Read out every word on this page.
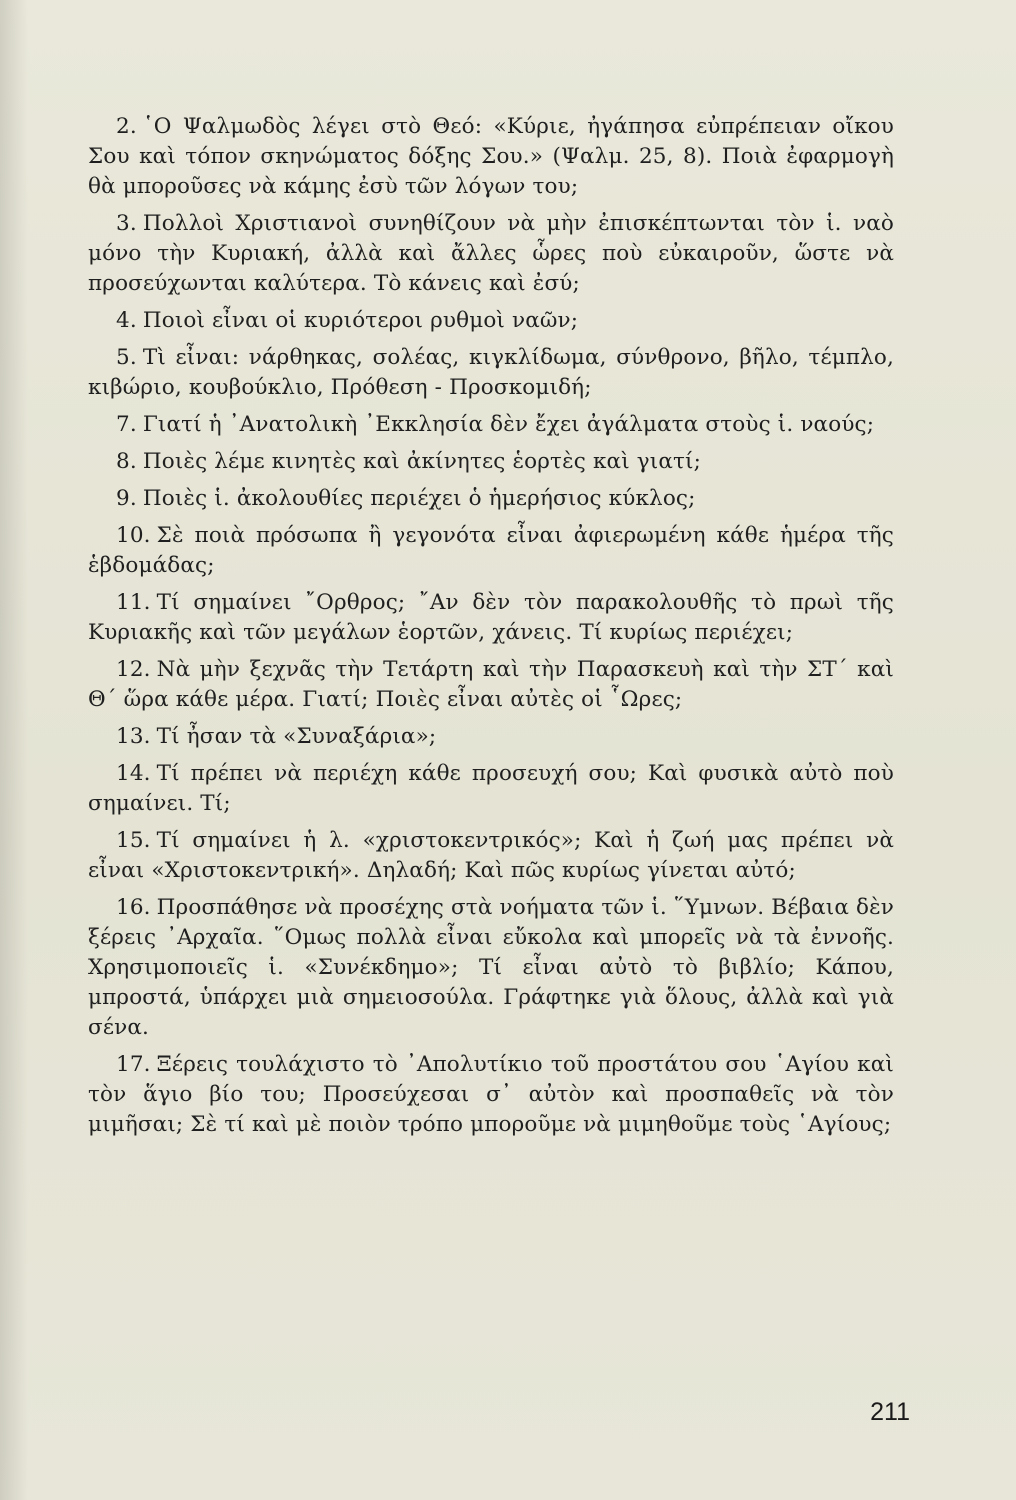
2. ῾Ο Ψαλμωδὸς λέγει στὸ Θεό: «Κύριε, ἠγάπησα εὐπρέπειαν οἴκου Σου καὶ τόπον σκηνώματος δόξης Σου.» (Ψαλμ. 25, 8). Ποιὰ ἐφαρμογὴ θὰ μποροῦσες νὰ κάμης ἐσὺ τῶν λόγων του;
3. Πολλοὶ Χριστιανοὶ συνηθίζουν νὰ μὴν ἐπισκέπτωνται τὸν ἱ. ναὸ μόνο τὴν Κυριακή, ἀλλὰ καὶ ἄλλες ὧρες ποὺ εὐκαιροῦν, ὥστε νὰ προσεύχωνται καλύτερα. Τὸ κάνεις καὶ ἐσύ;
4. Ποιοὶ εἶναι οἱ κυριότεροι ρυθμοὶ ναῶν;
5. Τὶ εἶναι: νάρθηκας, σολέας, κιγκλίδωμα, σύνθρονο, βῆλο, τέμπλο, κιβώριο, κουβούκλιο, Πρόθεση - Προσκομιδή;
7. Γιατί ἡ ᾿Ανατολικὴ ᾿Εκκλησία δὲν ἔχει ἀγάλματα στοὺς ἱ. ναούς;
8. Ποιὲς λέμε κινητὲς καὶ ἀκίνητες ἑορτὲς καὶ γιατί;
9. Ποιὲς ἱ. ἀκολουθίες περιέχει ὁ ἡμερήσιος κύκλος;
10. Σὲ ποιὰ πρόσωπα ἢ γεγονότα εἶναι ἀφιερωμένη κάθε ἡμέρα τῆς ἑβδομάδας;
11. Τί σημαίνει ῎Ορθρος; ῎Αν δὲν τὸν παρακολουθῆς τὸ πρωὶ τῆς Κυριακῆς καὶ τῶν μεγάλων ἑορτῶν, χάνεις. Τί κυρίως περιέχει;
12. Νὰ μὴν ξεχνᾶς τὴν Τετάρτη καὶ τὴν Παρασκευὴ καὶ τὴν ΣΤ΄ καὶ Θ΄ ὥρα κάθε μέρα. Γιατί; Ποιὲς εἶναι αὐτὲς οἱ ῟Ωρες;
13. Τί ἦσαν τὰ «Συναξάρια»;
14. Τί πρέπει νὰ περιέχη κάθε προσευχή σου; Καὶ φυσικὰ αὐτὸ ποὺ σημαίνει. Τί;
15. Τί σημαίνει ἡ λ. «χριστοκεντρικός»; Καὶ ἡ ζωή μας πρέπει νὰ εἶναι «Χριστοκεντρική». Δηλαδή; Καὶ πῶς κυρίως γίνεται αὐτό;
16. Προσπάθησε νὰ προσέχης στὰ νοήματα τῶν ἱ. ῞Υμνων. Βέβαια δὲν ξέρεις ᾿Αρχαῖα. ῞Ομως πολλὰ εἶναι εὔκολα καὶ μπορεῖς νὰ τὰ ἐννοῆς. Χρησιμοποιεῖς ἱ. «Συνέκδημο»; Τί εἶναι αὐτὸ τὸ βιβλίο; Κάπου, μπροστά, ὑπάρχει μιὰ σημειοσούλα. Γράφτηκε γιὰ ὅλους, ἀλλὰ καὶ γιὰ σένα.
17. Ξέρεις τουλάχιστο τὸ ᾿Απολυτίκιο τοῦ προστάτου σου ῾Αγίου καὶ τὸν ἅγιο βίο του; Προσεύχεσαι σ᾿ αὐτὸν καὶ προσπαθεῖς νὰ τὸν μιμῆσαι; Σὲ τί καὶ μὲ ποιὸν τρόπο μποροῦμε νὰ μιμηθοῦμε τοὺς ῾Αγίους;
211
